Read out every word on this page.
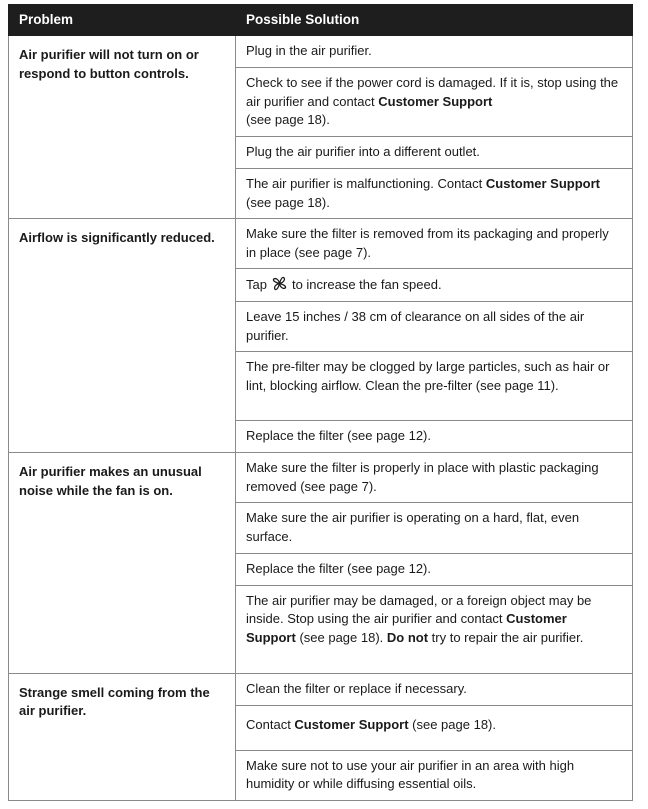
Problem	Possible Solution
Air purifier will not turn on or respond to button controls.	Plug in the air purifier.
	Check to see if the power cord is damaged. If it is, stop using the air purifier and contact Customer Support
(see page 18).
	Plug the air purifier into a different outlet.
	The air purifier is malfunctioning. Contact Customer Support (see page 18).
Airflow is significantly reduced.	Make sure the filter is removed from its packaging and properly in place (see page 7).
	Tap to increase the fan speed.
	Leave 15 inches / 38 cm of clearance on all sides of the air purifier.
	The pre-filter may be clogged by large particles, such as hair or lint, blocking airflow. Clean the pre-filter (see page 11).
	Replace the filter (see page 12).
Air purifier makes an unusual noise while the fan is on.	Make sure the filter is properly in place with plastic packaging removed (see page 7).
	Make sure the air purifier is operating on a hard, flat, even surface.
	Replace the filter (see page 12).
	The air purifier may be damaged, or a foreign object may be inside. Stop using the air purifier and contact Customer Support (see page 18). Do not try to repair the air purifier.
Strange smell coming from the air purifier.	Clean the filter or replace if necessary.
	Contact Customer Support (see page 18).
	Make sure not to use your air purifier in an area with high humidity or while diffusing essential oils.
